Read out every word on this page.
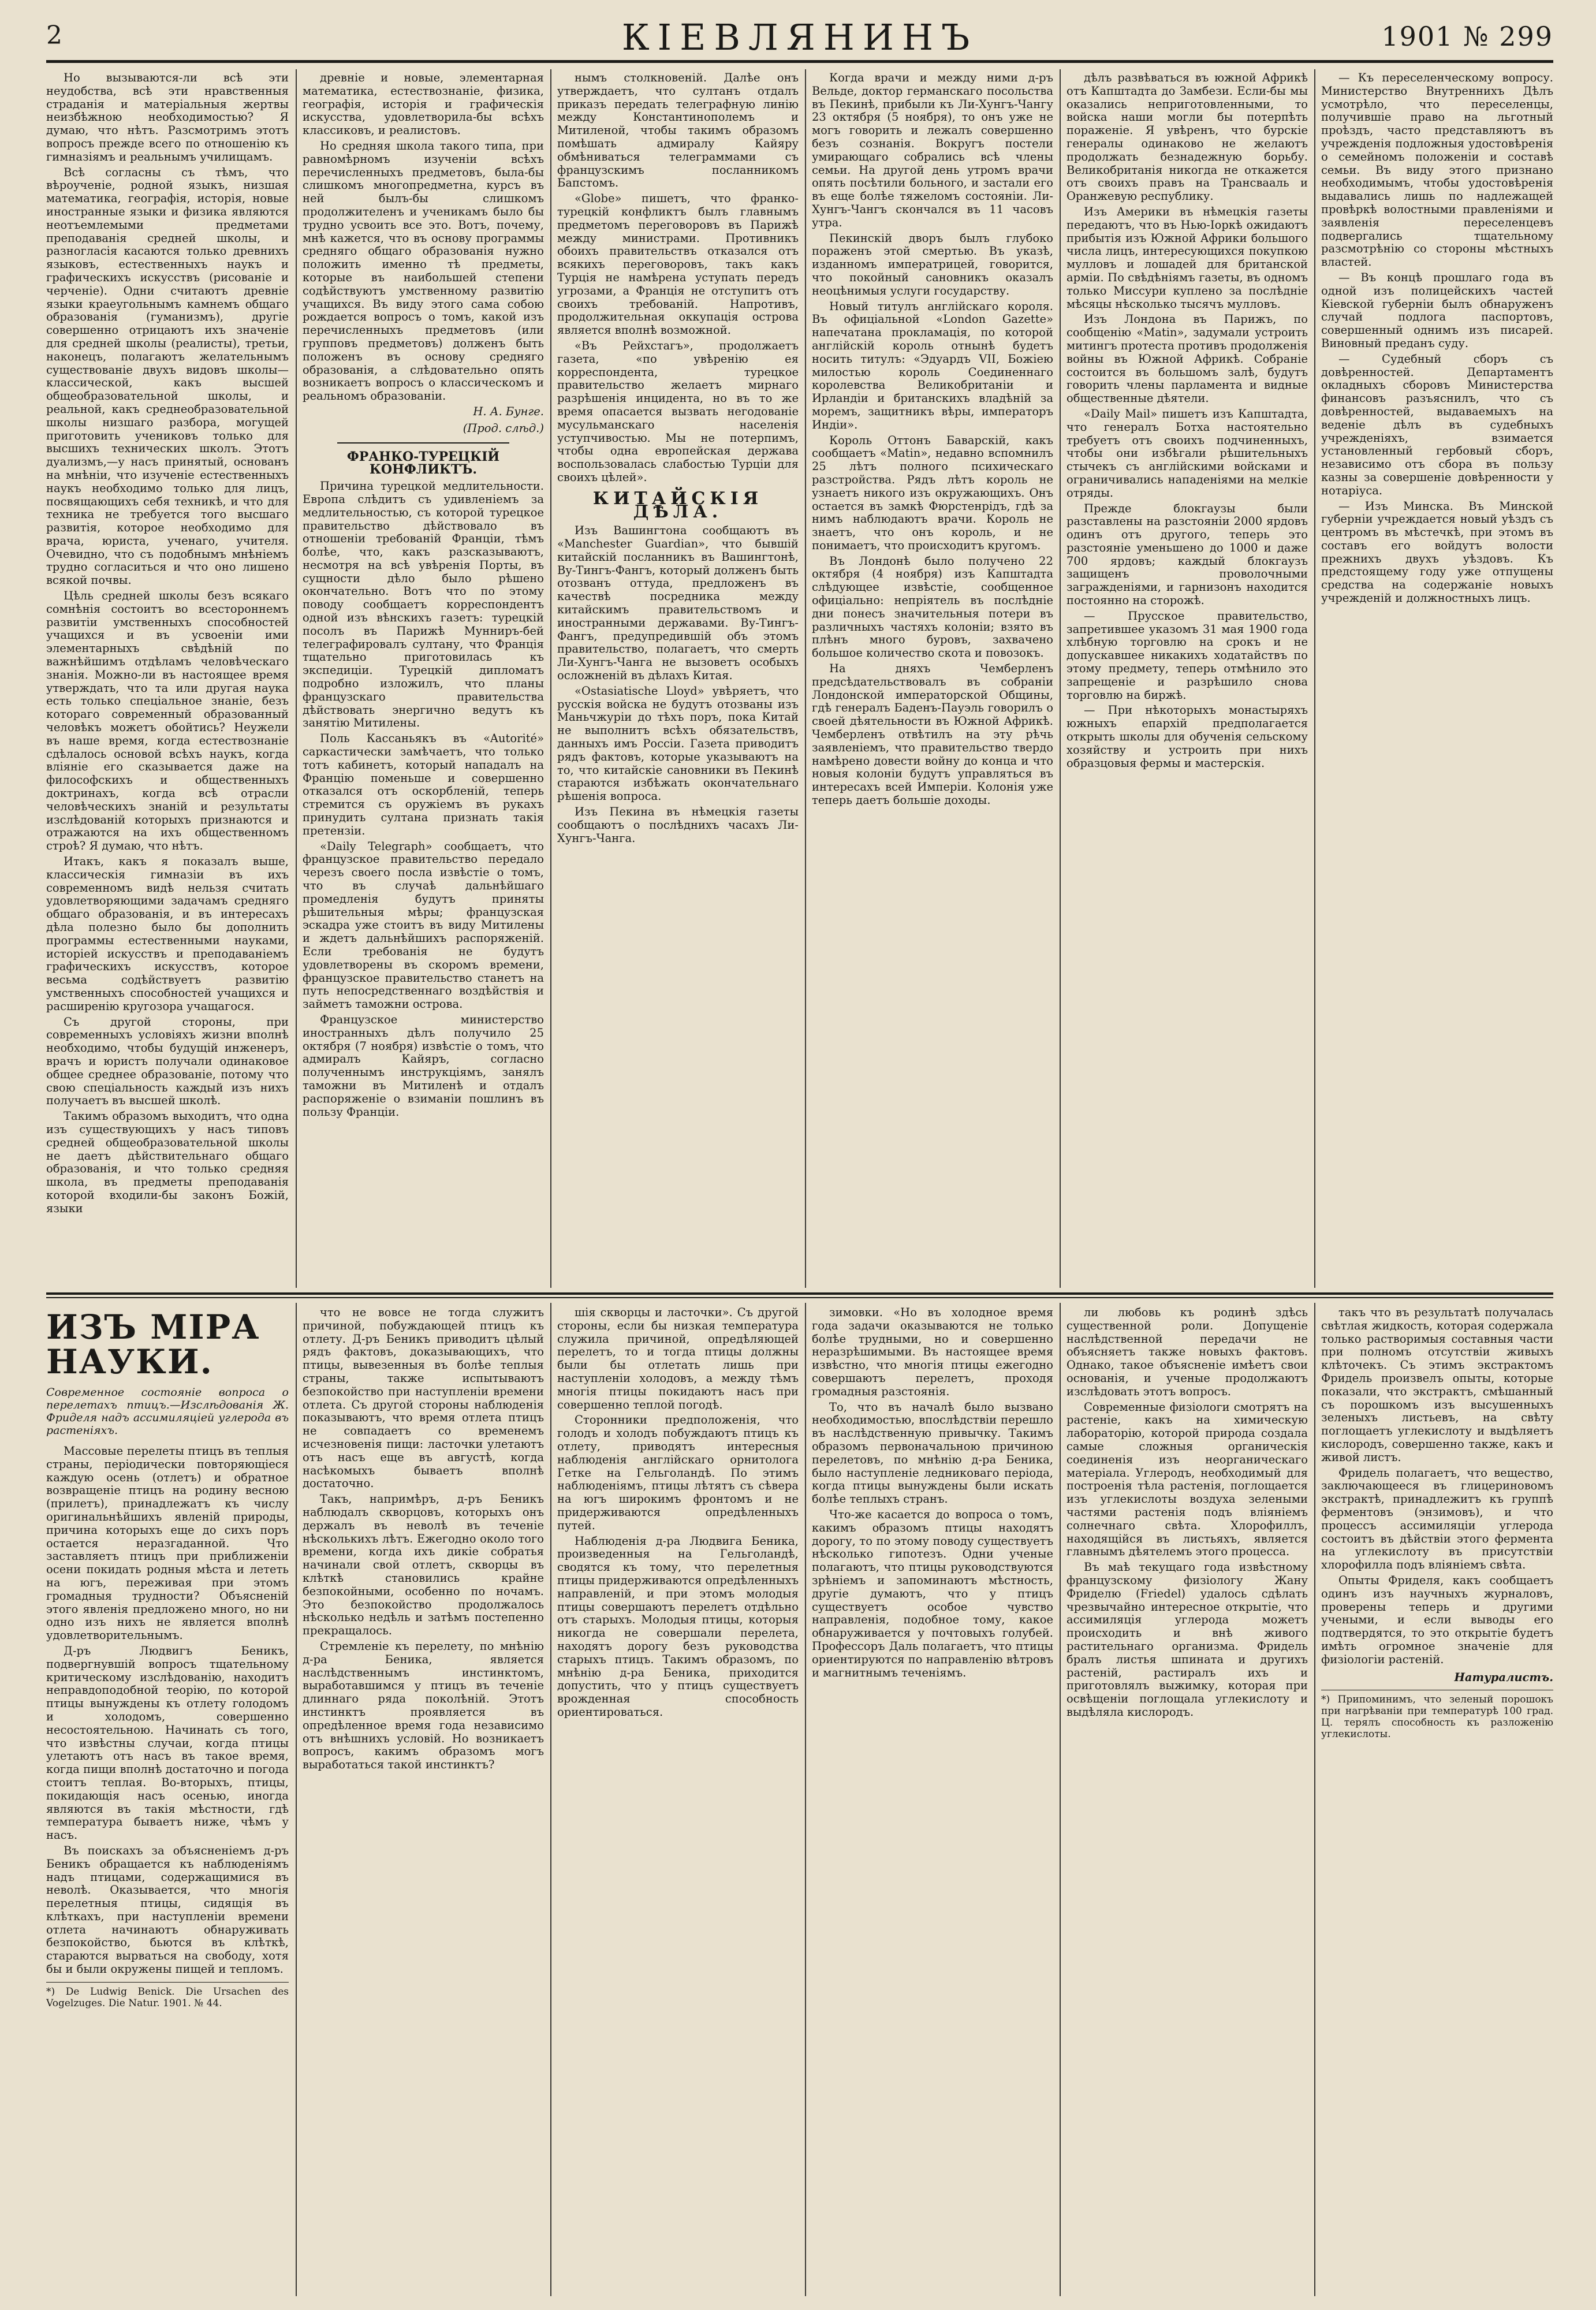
2	КІЕВЛЯНИНЪ	1901 № 299

Но вызываются-ли всѣ эти неудобства, всѣ эти нравственныя страданія и матеріальныя жертвы неизбѣжною необходимостью? Я думаю, что нѣтъ. Разсмотримъ этотъ вопросъ прежде всего по отношенію къ гимназіямъ и реальнымъ училищамъ.

Всѣ согласны съ тѣмъ, что вѣроученіе, родной языкъ, низшая математика, географія, исторія, новые иностранные языки и физика являются неотъемлемыми предметами преподаванія средней школы, и разногласія касаются только древнихъ языковъ, естественныхъ наукъ и графическихъ искусствъ (рисованіе и черченіе). Одни считаютъ древніе языки краеугольнымъ камнемъ общаго образованія (гуманизмъ), другіе совершенно отрицаютъ ихъ значеніе для средней школы (реалисты), третьи, наконецъ, полагаютъ желательнымъ существованіе двухъ видовъ школы—классической, какъ высшей общеобразовательной школы, и реальной, какъ среднеобразовательной школы низшаго разбора, могущей приготовить учениковъ только для высшихъ технических школъ. Этотъ дуализмъ,—у насъ принятый, основанъ на мнѣніи, что изученіе естественныхъ наукъ необходимо только для лицъ, посвящающихъ себя техникѣ, и что для техника не требуется того высшаго развитія, которое необходимо для врача, юриста, ученаго, учителя. Очевидно, что съ подобнымъ мнѣніемъ трудно согласиться и что оно лишено всякой почвы.

Цѣль средней школы безъ всякаго сомнѣнія состоитъ во всестороннемъ развитіи умственныхъ способностей учащихся и въ усвоеніи ими элементарныхъ свѣдѣній по важнѣйшимъ отдѣламъ человѣческаго знанія. Можно-ли въ настоящее время утверждать, что та или другая наука есть только спеціальное знаніе, безъ котораго современный образованный человѣкъ можетъ обойтись? Неужели въ наше время, когда естествознаніе сдѣлалось основой всѣхъ наукъ, когда вліяніе его сказывается даже на философскихъ и общественныхъ доктринахъ, когда всѣ отрасли человѣческихъ знаній и результаты изслѣдованій которыхъ признаются и отражаются на ихъ общественномъ строѣ? Я думаю, что нѣтъ.

Итакъ, какъ я показалъ выше, классическія гимназіи въ ихъ современномъ видѣ нельзя считать удовлетворяющими задачамъ средняго общаго образованія, и въ интересахъ дѣла полезно было бы дополнить программы естественными науками, исторіей искусствъ и преподаваніемъ графическихъ искусствъ, которое весьма содѣйствуетъ развитію умственныхъ способностей учащихся и расширенію кругозора учащагося.

Съ другой стороны, при современныхъ условіяхъ жизни вполнѣ необходимо, чтобы будущій инженеръ, врачъ и юристъ получали одинаковое общее среднее образованіе, потому что свою спеціальность каждый изъ нихъ получаетъ въ высшей школѣ.

Такимъ образомъ выходитъ, что одна изъ существующихъ у насъ типовъ средней общеобразовательной школы не даетъ дѣйствительнаго общаго образованія, и что только средняя школа, въ предметы преподаванія которой входили-бы законъ Божій, языки

древніе и новые, элементарная математика, естествознаніе, физика, географія, исторія и графическія искусства, удовлетворила-бы всѣхъ классиковъ, и реалистовъ.

Но средняя школа такого типа, при равномѣрномъ изученіи всѣхъ перечисленныхъ предметовъ, была-бы слишкомъ многопредметна, курсъ въ ней былъ-бы слишкомъ продолжителенъ и ученикамъ было бы трудно усвоить все это. Вотъ, почему, мнѣ кажется, что въ основу программы средняго общаго образованія нужно положить именно тѣ предметы, которые въ наибольшей степени содѣйствуютъ умственному развитію учащихся. Въ виду этого сама собою рождается вопросъ о томъ, какой изъ перечисленныхъ предметовъ (или групповъ предметовъ) долженъ быть положенъ въ основу средняго образованія, а слѣдовательно опять возникаетъ вопросъ о классическомъ и реальномъ образованіи.

Н. А. Бунге.
(Прод. слѣд.)
ФРАНКО-ТУРЕЦКІЙ КОНФЛИКТЪ.

Причина турецкой медлительности. Европа слѣдитъ съ удивленіемъ за медлительностью, съ которой турецкое правительство дѣйствовало въ отношеніи требованій Франціи, тѣмъ болѣе, что, какъ разсказываютъ, несмотря на всѣ увѣренія Порты, въ сущности дѣло было рѣшено окончательно. Вотъ что по этому поводу сообщаетъ корреспондентъ одной изъ вѣнскихъ газетъ: турецкій посолъ въ Парижѣ Мунниръ-бей телеграфировалъ султану, что Франція тщательно приготовилась къ экспедиціи. Турецкій дипломатъ подробно изложилъ, что планы французскаго правительства дѣйствовать энергично ведутъ къ занятію Митилены.

Поль Кассаньякъ въ «Autorité» саркастически замѣчаетъ, что только тотъ кабинетъ, который нападалъ на Францію поменьше и совершенно отказался отъ оскорбленій, теперь стремится съ оружіемъ въ рукахъ принудить султана признать такія претензіи.

«Daily Telegraph» сообщаетъ, что французское правительство передало черезъ своего посла извѣстіе о томъ, что въ случаѣ дальнѣйшаго промедленія будутъ приняты рѣшительныя мѣры; французская эскадра уже стоитъ въ виду Митилены и ждетъ дальнѣйшихъ распоряженій. Если требованія не будутъ удовлетворены въ скоромъ времени, французское правительство станетъ на путь непосредственнаго воздѣйствія и займетъ таможни острова.

Французское министерство иностранныхъ дѣлъ получило 25 октября (7 ноября) извѣстіе о томъ, что адмиралъ Кайяръ, согласно полученнымъ инструкціямъ, занялъ таможни въ Митиленѣ и отдалъ распоряженіе о взиманіи пошлинъ въ пользу Франціи.

нымъ столкновеній. Далѣе онъ утверждаетъ, что султанъ отдалъ приказъ передать телеграфную линію между Константинополемъ и Митиленой, чтобы такимъ образомъ помѣшать адмиралу Кайяру обмѣниваться телеграммами съ французскимъ посланникомъ Бапстомъ.

«Globe» пишетъ, что франко-турецкій конфликтъ былъ главнымъ предметомъ переговоровъ въ Парижѣ между министрами. Противникъ обоихъ правительствъ отказался отъ всякихъ переговоровъ, такъ какъ Турція не намѣрена уступать передъ угрозами, а Франція не отступитъ отъ своихъ требованій. Напротивъ, продолжительная оккупація острова является вполнѣ возможной.

«Въ Рейхстагъ», продолжаетъ газета, «по увѣренію ея корреспондента, турецкое правительство желаетъ мирнаго разрѣшенія инцидента, но въ то же время опасается вызвать негодованіе мусульманскаго населенія уступчивостью. Мы не потерпимъ, чтобы одна европейская держава воспользовалась слабостью Турціи для своихъ цѣлей».

КИТАЙСКІЯ ДѢЛА.

Изъ Вашингтона сообщаютъ въ «Manchester Guardian», что бывшій китайскій посланникъ въ Вашингтонѣ, Ву-Тингъ-Фангъ, который долженъ быть отозванъ оттуда, предложенъ въ качествѣ посредника между китайскимъ правительствомъ и иностранными державами. Ву-Тингъ-Фангъ, предупредившій объ этомъ правительство, полагаетъ, что смерть Ли-Хунгъ-Чанга не вызоветъ особыхъ осложненій въ дѣлахъ Китая.

«Ostasiatische Lloyd» увѣряетъ, что русскія войска не будутъ отозваны изъ Маньчжуріи до тѣхъ поръ, пока Китай не выполнитъ всѣхъ обязательствъ, данныхъ имъ Россіи. Газета приводитъ рядъ фактовъ, которые указываютъ на то, что китайскіе сановники въ Пекинѣ стараются избѣжать окончательнаго рѣшенія вопроса.

Изъ Пекина въ нѣмецкія газеты сообщаютъ о послѣднихъ часахъ Ли-Хунгъ-Чанга.

Когда врачи и между ними д-ръ Вельде, доктор германскаго посольства въ Пекинѣ, прибыли къ Ли-Хунгъ-Чангу 23 октября (5 ноября), то онъ уже не могъ говорить и лежалъ совершенно безъ сознанія. Вокругъ постели умирающаго собрались всѣ члены семьи. На другой день утромъ врачи опять посѣтили больного, и застали его въ еще болѣе тяжеломъ состояніи. Ли-Хунгъ-Чангъ скончался въ 11 часовъ утра.

Пекинскій дворъ былъ глубоко пораженъ этой смертью. Въ указѣ, изданномъ императрицей, говорится, что покойный сановникъ оказалъ неоцѣнимыя услуги государству.

Новый титулъ англійскаго короля. Въ офиціальной «London Gazette» напечатана прокламація, по которой англійскій король отнынѣ будетъ носить титулъ: «Эдуардъ VII, Божіею милостью король Соединеннаго королевства Великобританіи и Ирландіи и британскихъ владѣній за моремъ, защитникъ вѣры, императоръ Индіи».

Король Оттонъ Баварскій, какъ сообщаетъ «Matin», недавно вспомнилъ 25 лѣтъ полного психическаго разстройства. Рядъ лѣтъ король не узнаетъ никого изъ окружающихъ. Онъ остается въ замкѣ Фюрстенрідъ, гдѣ за нимъ наблюдаютъ врачи. Король не знаетъ, что онъ король, и не понимаетъ, что происходитъ кругомъ.

Въ Лондонѣ было получено 22 октября (4 ноября) изъ Капштадта слѣдующее извѣстіе, сообщенное офиціально: непріятель въ послѣдніе дни понесъ значительныя потери въ различныхъ частяхъ колоніи; взято въ плѣнъ много буровъ, захвачено большое количество скота и повозокъ.

На дняхъ Чемберленъ предсѣдательствовалъ въ собраніи Лондонской императорской Общины, гдѣ генералъ Баденъ-Пауэль говорилъ о своей дѣятельности въ Южной Африкѣ. Чемберленъ отвѣтилъ на эту рѣчь заявленіемъ, что правительство твердо намѣрено довести войну до конца и что новыя колоніи будутъ управляться въ интересахъ всей Имперіи. Колонія уже теперь даетъ большіе доходы.

дѣлъ развѣваться въ южной Африкѣ отъ Капштадта до Замбези. Если-бы мы оказались неприготовленными, то войска наши могли бы потерпѣть пораженіе. Я увѣренъ, что бурскіе генералы одинаково не желаютъ продолжать безнадежную борьбу. Великобританія никогда не откажется отъ своихъ правъ на Трансвааль и Оранжевую республику.

Изъ Америки въ нѣмецкія газеты передаютъ, что въ Нью-Іоркѣ ожидаютъ прибытія изъ Южной Африки большого числа лицъ, интересующихся покупкою мулловъ и лошадей для британской арміи. По свѣдѣніямъ газеты, въ одномъ только Миссури куплено за послѣдніе мѣсяцы нѣсколько тысячъ мулловъ.

Изъ Лондона въ Парижъ, по сообщенію «Matin», задумали устроить митингъ протеста противъ продолженія войны въ Южной Африкѣ. Собраніе состоится въ большомъ залѣ, будутъ говорить члены парламента и видные общественные дѣятели.

«Daily Mail» пишетъ изъ Капштадта, что генералъ Ботха настоятельно требуетъ отъ своихъ подчиненныхъ, чтобы они избѣгали рѣшительныхъ стычекъ съ англійскими войсками и ограничивались нападеніями на мелкіе отряды.

Прежде блокгаузы были разставлены на разстояніи 2000 ярдовъ одинъ отъ другого, теперь это разстояніе уменьшено до 1000 и даже 700 ярдовъ; каждый блокгаузъ защищенъ проволочными загражденіями, и гарнизонъ находится постоянно на сторожѣ.

— Прусское правительство, запретившее указомъ 31 мая 1900 года хлѣбную торговлю на срокъ и не допускавшее никакихъ ходатайствъ по этому предмету, теперь отмѣнило это запрещеніе и разрѣшило снова торговлю на биржѣ.

— При нѣкоторыхъ монастыряхъ южныхъ епархій предполагается открыть школы для обученія сельскому хозяйству и устроить при нихъ образцовыя фермы и мастерскія.

— Къ переселенческому вопросу. Министерство Внутреннихъ Дѣлъ усмотрѣло, что переселенцы, получившіе право на льготный проѣздъ, часто представляютъ въ учрежденія подложныя удостовѣренія о семейномъ положеніи и составѣ семьи. Въ виду этого признано необходимымъ, чтобы удостовѣренія выдавались лишь по надлежащей провѣркѣ волостными правленіями и заявленія переселенцевъ подвергались тщательному разсмотрѣнію со стороны мѣстныхъ властей.

— Въ концѣ прошлаго года въ одной изъ полицейскихъ частей Кіевской губерніи былъ обнаруженъ случай подлога паспортовъ, совершенный однимъ изъ писарей. Виновный преданъ суду.

— Судебный сборъ съ довѣренностей. Департаментъ окладныхъ сборовъ Министерства финансовъ разъяснилъ, что съ довѣренностей, выдаваемыхъ на веденіе дѣлъ въ судебныхъ учрежденіяхъ, взимается установленный гербовый сборъ, независимо отъ сбора въ пользу казны за совершеніе довѣренности у нотаріуса.

— Изъ Минска. Въ Минской губерніи учреждается новый уѣздъ съ центромъ въ мѣстечкѣ, при этомъ въ составъ его войдутъ волости прежнихъ двухъ уѣздовъ. Къ предстоящему году уже отпущены средства на содержаніе новыхъ учрежденій и должностныхъ лицъ.

ИЗЪ МІРА НАУКИ.
Современное состояніе вопроса о перелетахъ птицъ.—Изслѣдованія Ж. Фриделя надъ ассимиляціей углерода въ растеніяхъ.

Массовые перелеты птицъ въ теплыя страны, періодически повторяющіеся каждую осень (отлетъ) и обратное возвращеніе птицъ на родину весною (прилетъ), принадлежатъ къ числу оригинальнѣйшихъ явленій природы, причина которыхъ еще до сихъ поръ остается неразгаданной. Что заставляетъ птицъ при приближеніи осени покидать родныя мѣста и лететь на югъ, переживая при этомъ громадныя трудности? Объясненій этого явленія предложено много, но ни одно изъ нихъ не является вполнѣ удовлетворительнымъ.

Д-ръ Людвигъ Беникъ, подвергнувшій вопросъ тщательному критическому изслѣдованію, находитъ неправдоподобной теорію, по которой птицы вынуждены къ отлету голодомъ и холодомъ, совершенно несостоятельною. Начинать съ того, что извѣстны случаи, когда птицы улетаютъ отъ насъ въ такое время, когда пищи вполнѣ достаточно и погода стоитъ теплая. Во-вторыхъ, птицы, покидающія насъ осенью, иногда являются въ такія мѣстности, гдѣ температура бываетъ ниже, чѣмъ у насъ.

Въ поискахъ за объясненіемъ д-ръ Беникъ обращается къ наблюденіямъ надъ птицами, содержащимися въ неволѣ. Оказывается, что многія перелетныя птицы, сидящія въ клѣткахъ, при наступленіи времени отлета начинаютъ обнаруживать безпокойство, бьются въ клѣткѣ, стараются вырваться на свободу, хотя бы и были окружены пищей и тепломъ.

*) De Ludwig Benick. Die Ursachen des Vogelzuges. Die Natur. 1901. № 44.

что не вовсе не тогда служитъ причиной, побуждающей птицъ къ отлету. Д-ръ Беникъ приводитъ цѣлый рядъ фактовъ, доказывающихъ, что птицы, вывезенныя въ болѣе теплыя страны, также испытываютъ безпокойство при наступленіи времени отлета. Съ другой стороны наблюденія показываютъ, что время отлета птицъ не совпадаетъ со временемъ исчезновенія пищи: ласточки улетаютъ отъ насъ еще въ августѣ, когда насѣкомыхъ бываетъ вполнѣ достаточно.

Такъ, напримѣръ, д-ръ Беникъ наблюдалъ скворцовъ, которыхъ онъ держалъ въ неволѣ въ теченіе нѣсколькихъ лѣтъ. Ежегодно около того времени, когда ихъ дикіе собратья начинали свой отлетъ, скворцы въ клѣткѣ становились крайне безпокойными, особенно по ночамъ. Это безпокойство продолжалось нѣсколько недѣль и затѣмъ постепенно прекращалось.

Стремленіе къ перелету, по мнѣнію д-ра Беника, является наслѣдственнымъ инстинктомъ, выработавшимся у птицъ въ теченіе длиннаго ряда поколѣній. Этотъ инстинктъ проявляется въ опредѣленное время года независимо отъ внѣшнихъ условій. Но возникаетъ вопросъ, какимъ образомъ могъ выработаться такой инстинктъ?

шія скворцы и ласточки». Съ другой стороны, если бы низкая температура служила причиной, опредѣляющей перелетъ, то и тогда птицы должны были бы отлетать лишь при наступленіи холодовъ, а между тѣмъ многія птицы покидаютъ насъ при совершенно теплой погодѣ.

Сторонники предположенія, что голодъ и холодъ побуждаютъ птицъ къ отлету, приводятъ интересныя наблюденія англійскаго орнитолога Гетке на Гельголандѣ. По этимъ наблюденіямъ, птицы лѣтятъ съ сѣвера на югъ широкимъ фронтомъ и не придерживаются опредѣленныхъ путей.

Наблюденія д-ра Людвига Беника, произведенныя на Гельголандѣ, сводятся къ тому, что перелетныя птицы придерживаются опредѣленныхъ направленій, и при этомъ молодыя птицы совершаютъ перелетъ отдѣльно отъ старыхъ. Молодыя птицы, которыя никогда не совершали перелета, находятъ дорогу безъ руководства старыхъ птицъ. Такимъ образомъ, по мнѣнію д-ра Беника, приходится допустить, что у птицъ существуетъ врожденная способность ориентироваться.

зимовки. «Но въ холодное время года задачи оказываются не только болѣе трудными, но и совершенно неразрѣшимыми. Въ настоящее время извѣстно, что многія птицы ежегодно совершаютъ перелетъ, проходя громадныя разстоянія.

То, что въ началѣ было вызвано необходимостью, впослѣдствіи перешло въ наслѣдственную привычку. Такимъ образомъ первоначальною причиною перелетовъ, по мнѣнію д-ра Беника, было наступленіе ледниковаго періода, когда птицы вынуждены были искать болѣе теплыхъ странъ.

Что-же касается до вопроса о томъ, какимъ образомъ птицы находятъ дорогу, то по этому поводу существуетъ нѣсколько гипотезъ. Одни ученые полагаютъ, что птицы руководствуются зрѣніемъ и запоминаютъ мѣстность, другіе думаютъ, что у птицъ существуетъ особое чувство направленія, подобное тому, какое обнаруживается у почтовыхъ голубей. Профессоръ Даль полагаетъ, что птицы ориентируются по направленію вѣтровъ и магнитнымъ теченіямъ.

ли любовь къ родинѣ здѣсь существенной роли. Допущеніе наслѣдственной передачи не объясняетъ также новыхъ фактовъ. Однако, такое объясненіе имѣетъ свои основанія, и ученые продолжаютъ изслѣдовать этотъ вопросъ.

Современные физіологи смотрятъ на растеніе, какъ на химическую лабораторію, которой природа создала самые сложныя органическія соединенія изъ неорганическаго матеріала. Углеродъ, необходимый для построенія тѣла растенія, поглощается изъ углекислоты воздуха зелеными частями растенія подъ вліяніемъ солнечнаго свѣта. Хлорофиллъ, находящійся въ листьяхъ, является главнымъ дѣятелемъ этого процесса.

Въ маѣ текущаго года извѣстному французскому физіологу Жану Фриделю (Friedel) удалось сдѣлать чрезвычайно интересное открытіе, что ассимиляція углерода можетъ происходить и внѣ живого растительнаго организма. Фридель бралъ листья шпината и другихъ растеній, растиралъ ихъ и приготовлялъ выжимку, которая при освѣщеніи поглощала углекислоту и выдѣляла кислородъ.

такъ что въ результатѣ получалась свѣтлая жидкость, которая содержала только растворимыя составныя части при полномъ отсутствіи живыхъ клѣточекъ. Съ этимъ экстрактомъ Фридель произвелъ опыты, которые показали, что экстрактъ, смѣшанный съ порошкомъ изъ высушенныхъ зеленыхъ листьевъ, на свѣту поглощаетъ углекислоту и выдѣляетъ кислородъ, совершенно также, какъ и живой листъ.

Фридель полагаетъ, что вещество, заключающееся въ глицериновомъ экстрактѣ, принадлежитъ къ группѣ ферментовъ (энзимовъ), и что процессъ ассимиляціи углерода состоитъ въ дѣйствіи этого фермента на углекислоту въ присутствіи хлорофилла подъ вліяніемъ свѣта.

Опыты Фриделя, какъ сообщаетъ одинъ изъ научныхъ журналовъ, проверены теперь и другими учеными, и если выводы его подтвердятся, то это открытіе будетъ имѣть огромное значеніе для физіологіи растеній.

Натуралистъ.
*) Припоминимъ, что зеленый порошокъ при нагрѣваніи при температурѣ 100 град. Ц. терялъ способность къ разложенію углекислоты.
